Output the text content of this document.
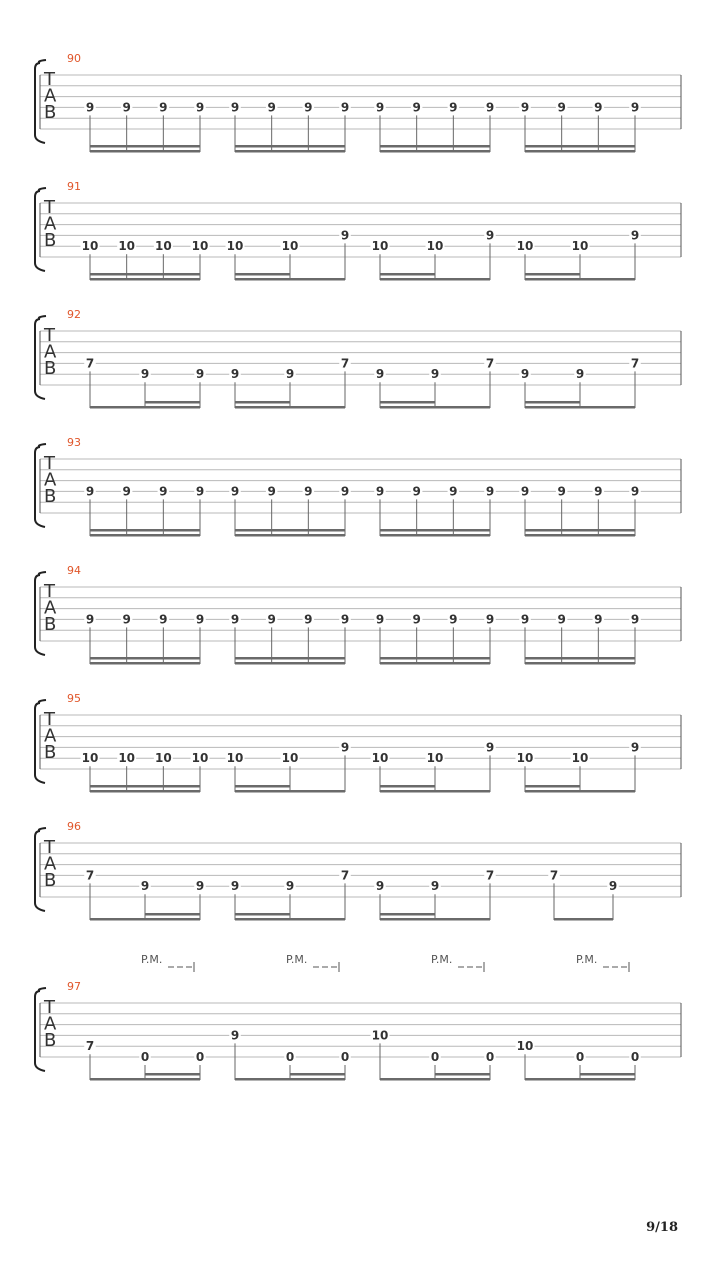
90
T
A
B 9 9 9 9 9 9 9 9 9 9 9 9 9 9 9 9
91
T
A
B 10 10 10 10 10	10
9
10	10
9
10	10
9
92
T
A
B 7
9	9 9	9
7
9	9
7
9	9
7
93
T
A
B 9 9 9 9 9 9 9 9 9 9 9 9 9 9 9 9
94
T
A
B 9 9 9 9 9 9 9 9 9 9 9 9 9 9 9 9
95
T
A
B 10 10 10 10 10	10
9
10	10
9
10	10
9
96
T
A
B 7
9	9 9	9
7
9	9
7	7
9
97
T
A
B 7
0	0
9
0	0
10
0	0
10
0	0
P.M.	P.M.	P.M.	P.M.
9/18
